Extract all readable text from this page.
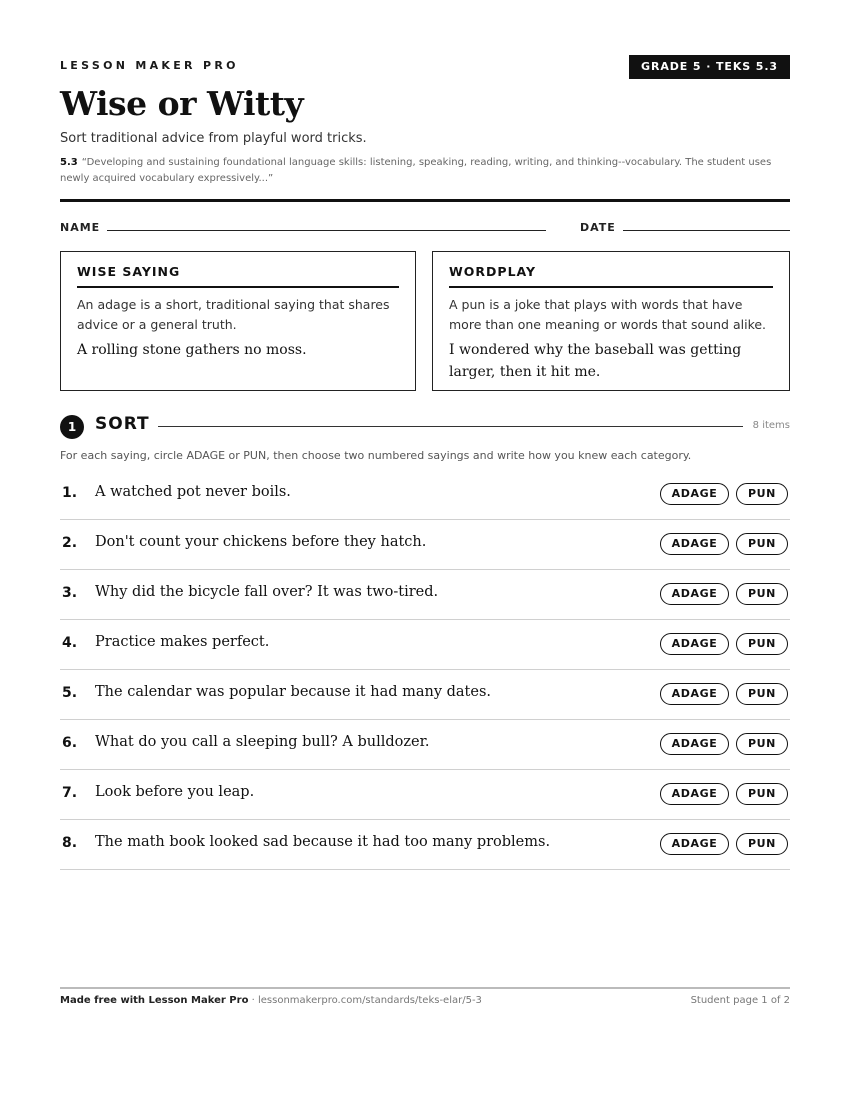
LESSON MAKER PRO	GRADE 5 · TEKS 5.3
Wise or Witty
Sort traditional advice from playful word tricks.
5.3 “Developing and sustaining foundational language skills: listening, speaking, reading, writing, and thinking--vocabulary. The student uses newly acquired vocabulary expressively...”
NAME	DATE
WISE SAYING
An adage is a short, traditional saying that shares advice or a general truth.
A rolling stone gathers no moss.
WORDPLAY
A pun is a joke that plays with words that have more than one meaning or words that sound alike.
I wondered why the baseball was getting larger, then it hit me.
1	SORT	8 items
For each saying, circle ADAGE or PUN, then choose two numbered sayings and write how you knew each category.
1. A watched pot never boils.	ADAGE	PUN
2. Don't count your chickens before they hatch.	ADAGE	PUN
3. Why did the bicycle fall over? It was two-tired.	ADAGE	PUN
4. Practice makes perfect.	ADAGE	PUN
5. The calendar was popular because it had many dates.	ADAGE	PUN
6. What do you call a sleeping bull? A bulldozer.	ADAGE	PUN
7. Look before you leap.	ADAGE	PUN
8. The math book looked sad because it had too many problems.	ADAGE	PUN
Made free with Lesson Maker Pro · lessonmakerpro.com/standards/teks-elar/5-3	Student page 1 of 2
